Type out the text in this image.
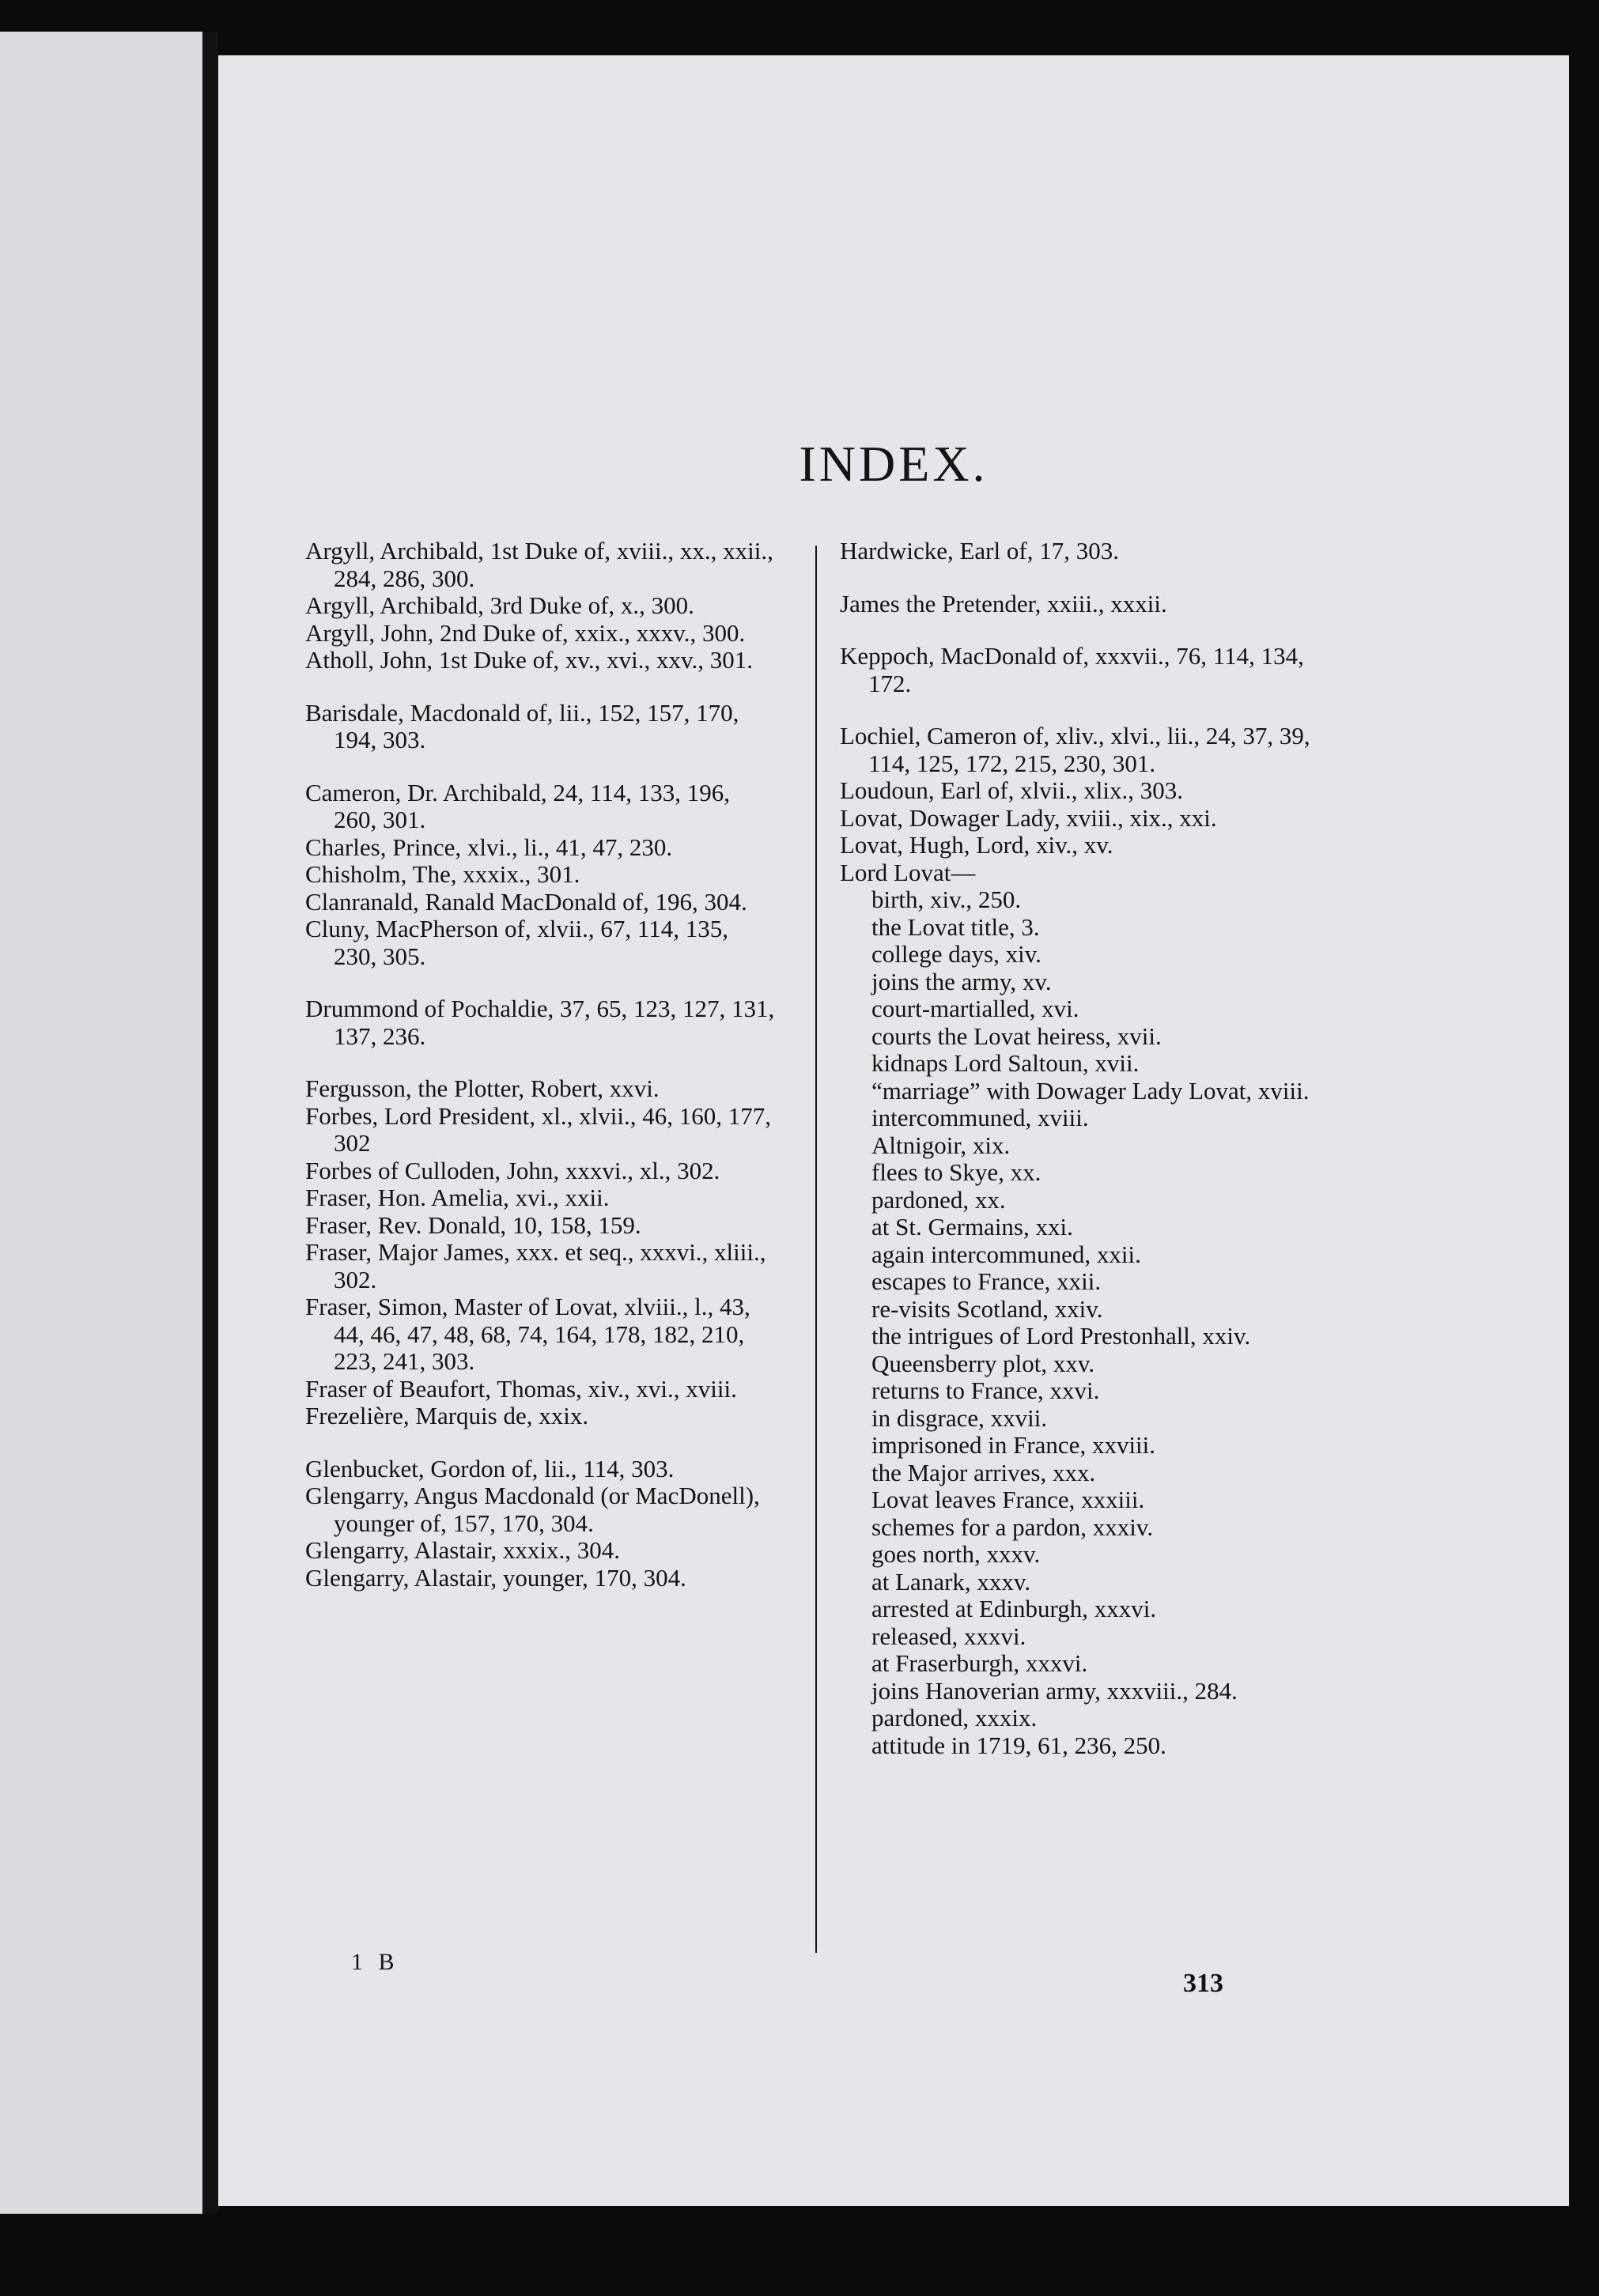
INDEX.
Argyll, Archibald, 1st Duke of, xviii., xx., xxii., 284, 286, 300.
Argyll, Archibald, 3rd Duke of, x., 300.
Argyll, John, 2nd Duke of, xxix., xxxv., 300.
Atholl, John, 1st Duke of, xv., xvi., xxv., 301.
Barisdale, Macdonald of, lii., 152, 157, 170, 194, 303.
Cameron, Dr. Archibald, 24, 114, 133, 196, 260, 301.
Charles, Prince, xlvi., li., 41, 47, 230.
Chisholm, The, xxxix., 301.
Clanranald, Ranald MacDonald of, 196, 304.
Cluny, MacPherson of, xlvii., 67, 114, 135, 230, 305.
Drummond of Pochaldie, 37, 65, 123, 127, 131, 137, 236.
Fergusson, the Plotter, Robert, xxvi.
Forbes, Lord President, xl., xlvii., 46, 160, 177, 302
Forbes of Culloden, John, xxxvi., xl., 302.
Fraser, Hon. Amelia, xvi., xxii.
Fraser, Rev. Donald, 10, 158, 159.
Fraser, Major James, xxx. et seq., xxxvi., xliii., 302.
Fraser, Simon, Master of Lovat, xlviii., l., 43, 44, 46, 47, 48, 68, 74, 164, 178, 182, 210, 223, 241, 303.
Fraser of Beaufort, Thomas, xiv., xvi., xviii.
Frezelière, Marquis de, xxix.
Glenbucket, Gordon of, lii., 114, 303.
Glengarry, Angus Macdonald (or MacDonell), younger of, 157, 170, 304.
Glengarry, Alastair, xxxix., 304.
Glengarry, Alastair, younger, 170, 304.
Hardwicke, Earl of, 17, 303.
James the Pretender, xxiii., xxxii.
Keppoch, MacDonald of, xxxvii., 76, 114, 134, 172.
Lochiel, Cameron of, xliv., xlvi., lii., 24, 37, 39, 114, 125, 172, 215, 230, 301.
Loudoun, Earl of, xlvii., xlix., 303.
Lovat, Dowager Lady, xviii., xix., xxi.
Lovat, Hugh, Lord, xiv., xv.
Lord Lovat—
birth, xiv., 250.
the Lovat title, 3.
college days, xiv.
joins the army, xv.
court-martialled, xvi.
courts the Lovat heiress, xvii.
kidnaps Lord Saltoun, xvii.
“marriage” with Dowager Lady Lovat, xviii.
intercommuned, xviii.
Altnigoir, xix.
flees to Skye, xx.
pardoned, xx.
at St. Germains, xxi.
again intercommuned, xxii.
escapes to France, xxii.
re-visits Scotland, xxiv.
the intrigues of Lord Prestonhall, xxiv.
Queensberry plot, xxv.
returns to France, xxvi.
in disgrace, xxvii.
imprisoned in France, xxviii.
the Major arrives, xxx.
Lovat leaves France, xxxiii.
schemes for a pardon, xxxiv.
goes north, xxxv.
at Lanark, xxxv.
arrested at Edinburgh, xxxvi.
released, xxxvi.
at Fraserburgh, xxxvi.
joins Hanoverian army, xxxviii., 284.
pardoned, xxxix.
attitude in 1719, 61, 236, 250.
1 B
313
